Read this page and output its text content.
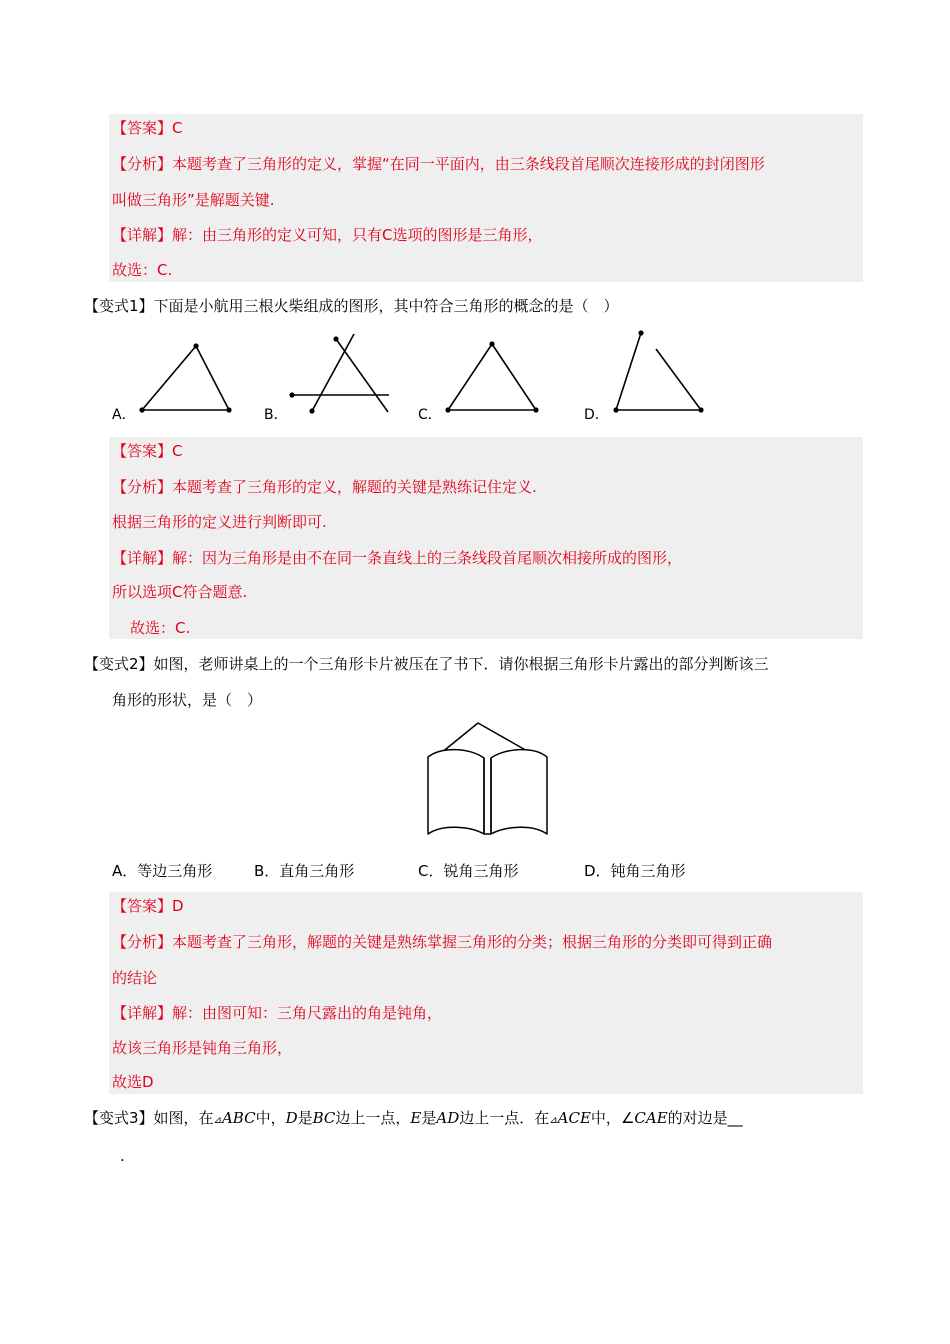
【答案】C
【分析】本题考查了三角形的定义，掌握“在同一平面内，由三条线段首尾顺次连接形成的封闭图形
叫做三角形”是解题关键.
【详解】解：由三角形的定义可知，只有C选项的图形是三角形，
故选：C.
【变式1】下面是小航用三根火柴组成的图形，其中符合三角形的概念的是（　）
A．	B．	C．	D．
【答案】C
【分析】本题考查了三角形的定义，解题的关键是熟练记住定义.
根据三角形的定义进行判断即可.
【详解】解：因为三角形是由不在同一条直线上的三条线段首尾顺次相接所成的图形，
所以选项C符合题意.
故选：C.
【变式2】如图，老师讲桌上的一个三角形卡片被压在了书下．请你根据三角形卡片露出的部分判断该三
角形的形状，是（　）
A．等边三角形	B．直角三角形	C．锐角三角形	D．钝角三角形
【答案】D
【分析】本题考查了三角形，解题的关键是熟练掌握三角形的分类；根据三角形的分类即可得到正确
的结论
【详解】解：由图可知：三角尺露出的角是钝角，
故该三角形是钝角三角形，
故选D
【变式3】如图，在⊿ABC中，D是BC边上一点，E是AD边上一点．在⊿ACE中，∠CAE的对边是__
.
